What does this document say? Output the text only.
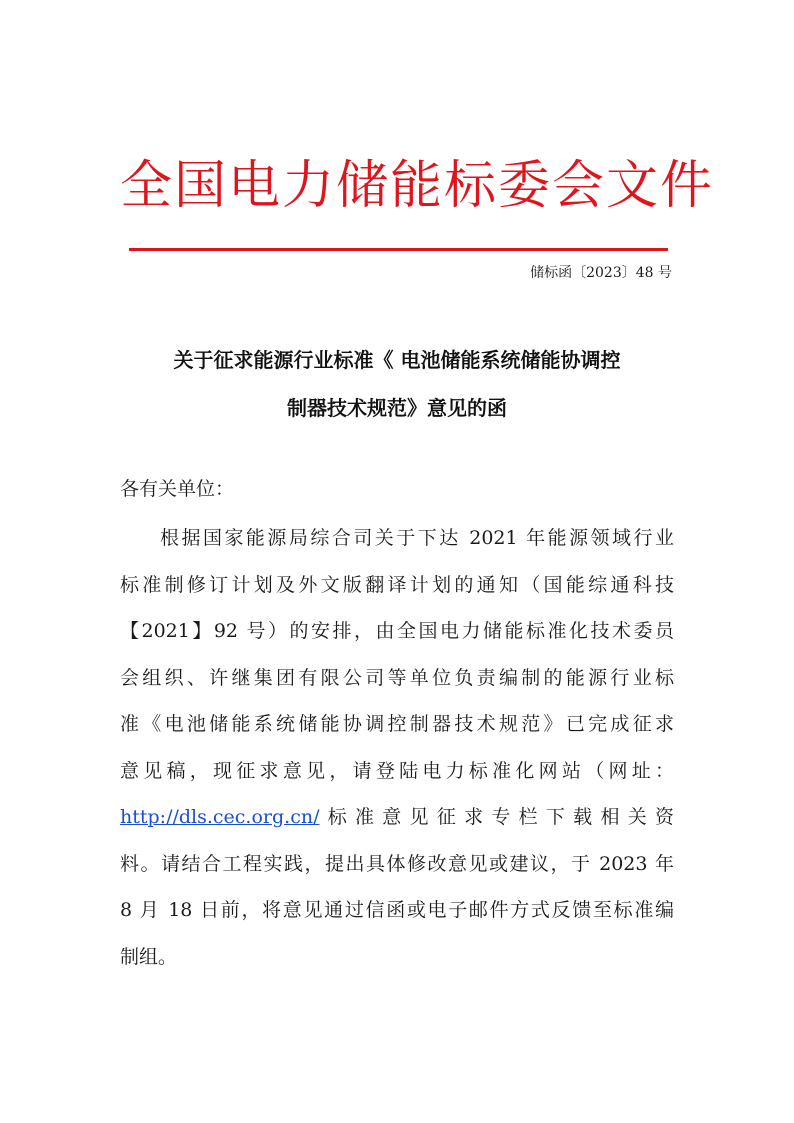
全国电力储能标委会文件
储标函〔2023〕48 号
关于征求能源行业标准《 电池储能系统储能协调控
制器技术规范》意见的函
各有关单位：
根据国家能源局综合司关于下达 2021 年能源领域行业
标准制修订计划及外文版翻译计划的通知（国能综通科技
【2021】92 号）的安排，由全国电力储能标准化技术委员
会组织、许继集团有限公司等单位负责编制的能源行业标
准《电池储能系统储能协调控制器技术规范》已完成征求
意见稿，现征求意见，请登陆电力标准化网站（网址：
http://dls.cec.org.cn/标准意见征求专栏下载相关资
料。请结合工程实践，提出具体修改意见或建议，于 2023 年
8 月 18 日前，将意见通过信函或电子邮件方式反馈至标准编
制组。
